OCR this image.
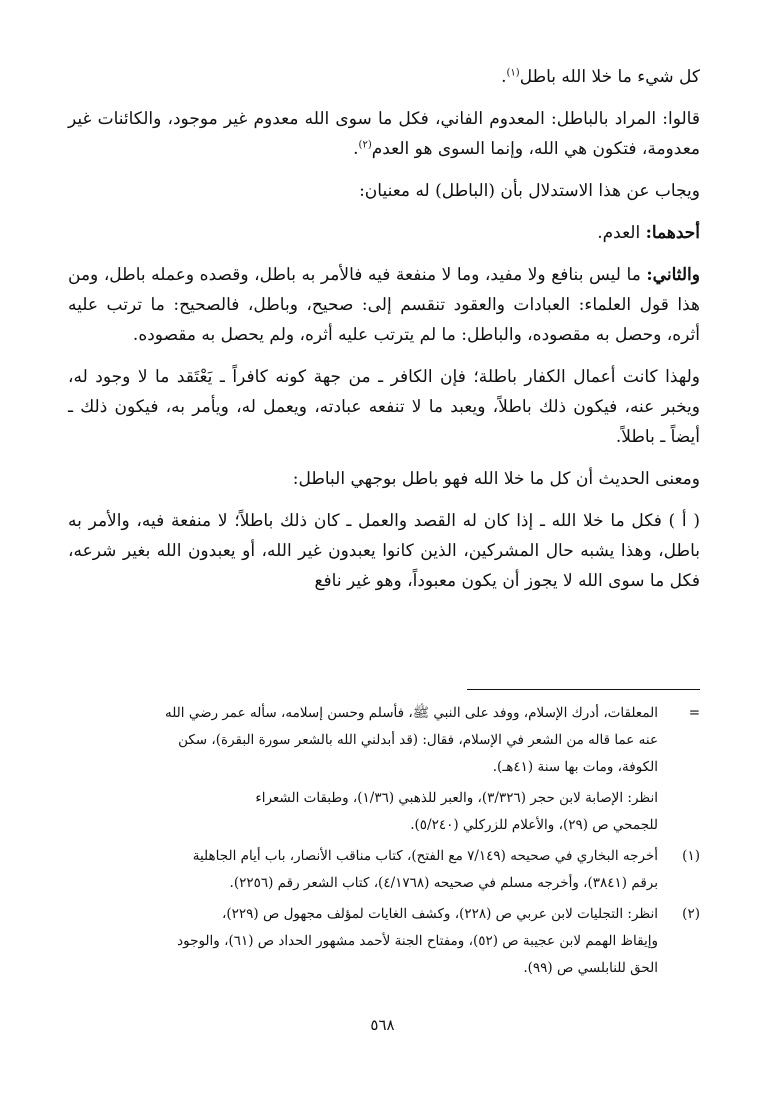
كل شيء ما خلا الله باطل$^{(١)}$.

قالوا: المراد بالباطل: المعدوم الفاني، فكل ما سوى الله معدوم غير موجود، والكائنات غير معدومة، فتكون هي الله، وإنما السوى هو العدم$^{(٢)}$.

ويجاب عن هذا الاستدلال بأن (الباطل) له معنيان:

أحدهما: العدم.

والثاني: ما ليس بنافع ولا مفيد، وما لا منفعة فيه فالأمر به باطل، وقصده وعمله باطل، ومن هذا قول العلماء: العبادات والعقود تنقسم إلى: صحيح، وباطل، فالصحيح: ما ترتب عليه أثره، وحصل به مقصوده، والباطل: ما لم يترتب عليه أثره، ولم يحصل به مقصوده.

ولهذا كانت أعمال الكفار باطلة؛ فإن الكافر ـ من جهة كونه كافراً ـ يَعْتَقد ما لا وجود له، ويخبر عنه، فيكون ذلك باطلاً، ويعبد ما لا تنفعه عبادته، ويعمل له، ويأمر به، فيكون ذلك ـ أيضاً ـ باطلاً.

ومعنى الحديث أن كل ما خلا الله فهو باطل بوجهي الباطل:

( أ ) فكل ما خلا الله ـ إذا كان له القصد والعمل ـ كان ذلك باطلاً؛ لا منفعة فيه، والأمر به باطل، وهذا يشبه حال المشركين، الذين كانوا يعبدون غير الله، أو يعبدون الله بغير شرعه، فكل ما سوى الله لا يجوز أن يكون معبوداً، وهو غير نافع

=
المعلقات، أدرك الإسلام، ووفد على النبي ﷺ، فأسلم وحسن إسلامه، سأله عمر رضي الله
عنه عما قاله من الشعر في الإسلام، فقال: (قد أبدلني الله بالشعر سورة البقرة)، سكن
الكوفة، ومات بها سنة (٤١هـ).
انظر: الإصابة لابن حجر (٣/٣٢٦)، والعبر للذهبي (١/٣٦)، وطبقات الشعراء
للجمحي ص (٢٩)، والأعلام للزركلي (٥/٢٤٠).
(١)
أخرجه البخاري في صحيحه (٧/١٤٩ مع الفتح)، كتاب مناقب الأنصار، باب أيام الجاهلية
برقم (٣٨٤١)، وأخرجه مسلم في صحيحه (٤/١٧٦٨)، كتاب الشعر رقم (٢٢٥٦).
(٢)
انظر: التجليات لابن عربي ص (٢٢٨)، وكشف الغايات لمؤلف مجهول ص (٢٢٩)،
وإيقاظ الهمم لابن عجيبة ص (٥٢)، ومفتاح الجنة لأحمد مشهور الحداد ص (٦١)، والوجود
الحق للنابلسي ص (٩٩).
٥٦٨
